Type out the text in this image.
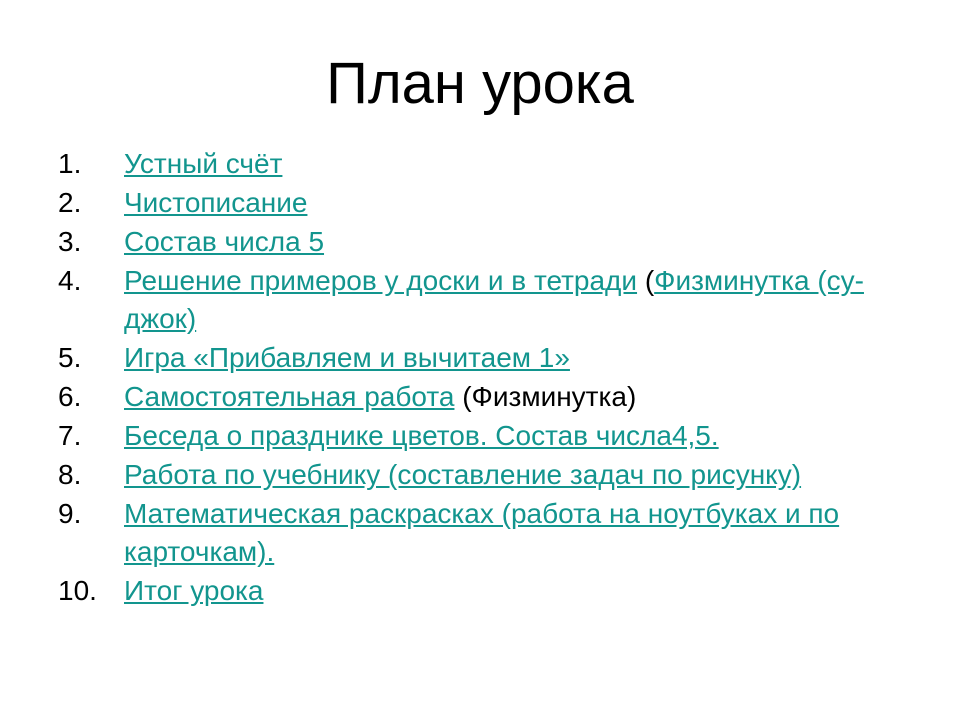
План урока
1.	Устный счёт
2.	Чистописание
3.	Состав числа 5
4.	Решение примеров у доски и в тетради (Физминутка (су-джок)
5.	Игра «Прибавляем и вычитаем 1»
6.	Самостоятельная работа (Физминутка)
7.	Беседа о празднике цветов. Состав числа4,5.
8.	Работа по учебнику (составление задач по рисунку)
9.	Математическая раскрасках (работа на ноутбуках и по карточкам).
10. Итог урока
